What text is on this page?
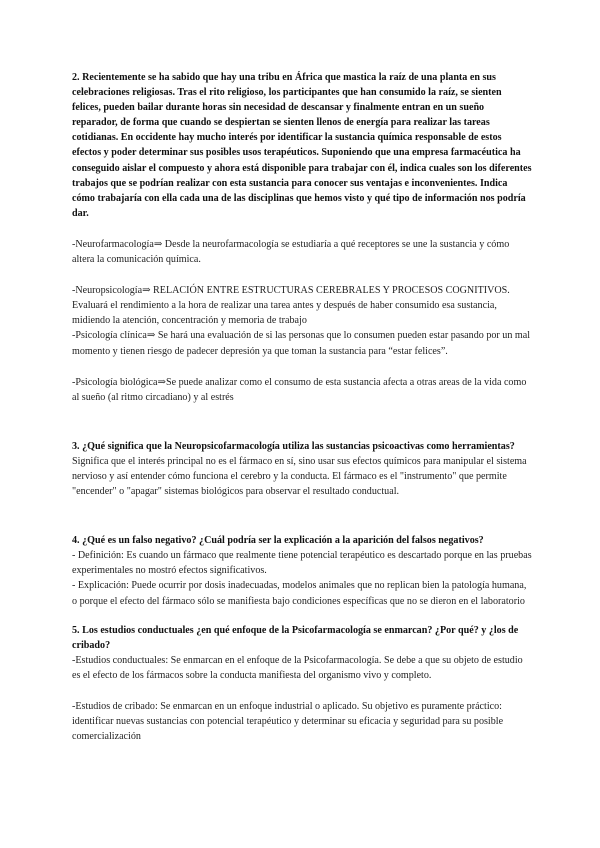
2. Recientemente se ha sabido que hay una tribu en África que mastica la raíz de una planta en sus celebraciones religiosas. Tras el rito religioso, los participantes que han consumido la raíz, se sienten felices, pueden bailar durante horas sin necesidad de descansar y finalmente entran en un sueño reparador, de forma que cuando se despiertan se sienten llenos de energía para realizar las tareas cotidianas. En occidente hay mucho interés por identificar la sustancia química responsable de estos efectos y poder determinar sus posibles usos terapéuticos. Suponiendo que una empresa farmacéutica ha conseguido aislar el compuesto y ahora está disponible para trabajar con él, indica cuales son los diferentes trabajos que se podrían realizar con esta sustancia para conocer sus ventajas e inconvenientes. Indica cómo trabajaría con ella cada una de las disciplinas que hemos visto y qué tipo de información nos podría dar.

-Neurofarmacología⇒ Desde la neurofarmacología se estudiaría a qué receptores se une la sustancia y cómo altera la comunicación química.

-Neuropsicología⇒ RELACIÓN ENTRE ESTRUCTURAS CEREBRALES Y PROCESOS COGNITIVOS. Evaluará el rendimiento a la hora de realizar una tarea antes y después de haber consumido esa sustancia, midiendo la atención, concentración y memoria de trabajo

-Psicología clínica⇒ Se hará una evaluación de si las personas que lo consumen pueden estar pasando por un mal momento y tienen riesgo de padecer depresión ya que toman la sustancia para “estar felices”.

-Psicología biológica⇒Se puede analizar como el consumo de esta sustancia afecta a otras areas de la vida como al sueño (al ritmo circadiano) y al estrés

3. ¿Qué significa que la Neuropsicofarmacología utiliza las sustancias psicoactivas como herramientas?

Significa que el interés principal no es el fármaco en sí, sino usar sus efectos químicos para manipular el sistema nervioso y así entender cómo funciona el cerebro y la conducta. El fármaco es el "instrumento" que permite "encender" o "apagar" sistemas biológicos para observar el resultado conductual.

4. ¿Qué es un falso negativo? ¿Cuál podría ser la explicación a la aparición del falsos negativos?

- Definición: Es cuando un fármaco que realmente tiene potencial terapéutico es descartado porque en las pruebas experimentales no mostró efectos significativos.

- Explicación: Puede ocurrir por dosis inadecuadas, modelos animales que no replican bien la patología humana, o porque el efecto del fármaco sólo se manifiesta bajo condiciones específicas que no se dieron en el laboratorio

5. Los estudios conductuales ¿en qué enfoque de la Psicofarmacología se enmarcan? ¿Por qué? y ¿los de cribado?

-Estudios conductuales: Se enmarcan en el enfoque de la Psicofarmacología. Se debe a que su objeto de estudio es el efecto de los fármacos sobre la conducta manifiesta del organismo vivo y completo.

-Estudios de cribado: Se enmarcan en un enfoque industrial o aplicado. Su objetivo es puramente práctico: identificar nuevas sustancias con potencial terapéutico y determinar su eficacia y seguridad para su posible comercialización
